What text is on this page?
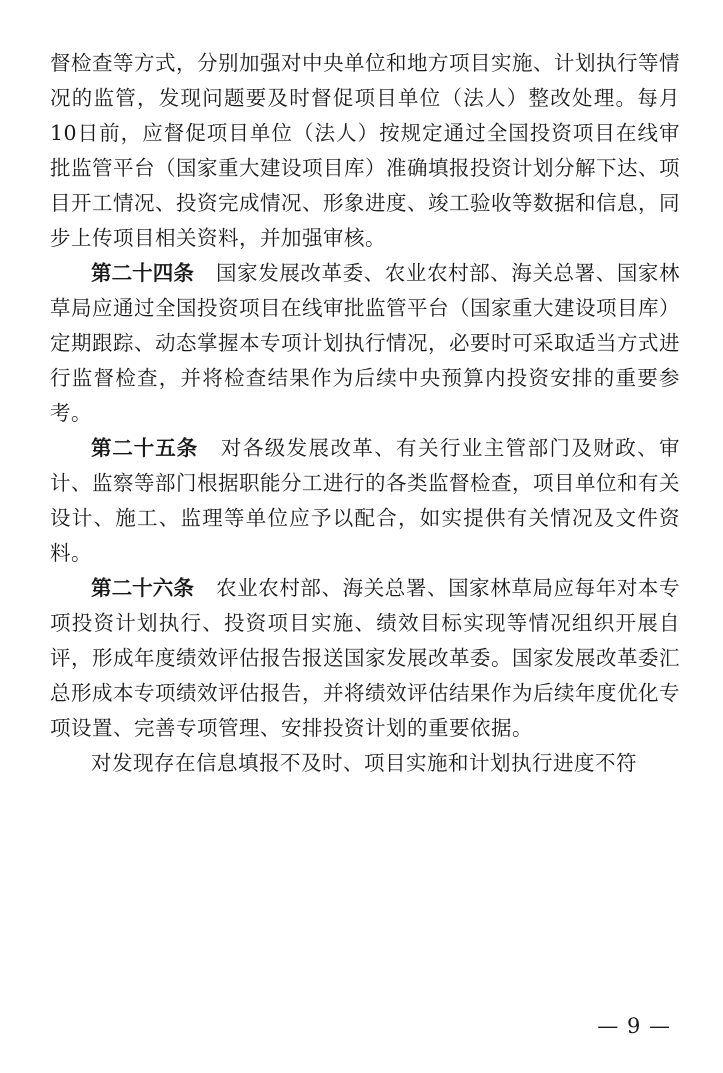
督检查等方式，分别加强对中央单位和地方项目实施、计划执行等情况的监管，发现问题要及时督促项目单位（法人）整改处理。每月10日前，应督促项目单位（法人）按规定通过全国投资项目在线审批监管平台（国家重大建设项目库）准确填报投资计划分解下达、项目开工情况、投资完成情况、形象进度、竣工验收等数据和信息，同步上传项目相关资料，并加强审核。

第二十四条 国家发展改革委、农业农村部、海关总署、国家林草局应通过全国投资项目在线审批监管平台（国家重大建设项目库）定期跟踪、动态掌握本专项计划执行情况，必要时可采取适当方式进行监督检查，并将检查结果作为后续中央预算内投资安排的重要参考。

第二十五条 对各级发展改革、有关行业主管部门及财政、审计、监察等部门根据职能分工进行的各类监督检查，项目单位和有关设计、施工、监理等单位应予以配合，如实提供有关情况及文件资料。

第二十六条 农业农村部、海关总署、国家林草局应每年对本专项投资计划执行、投资项目实施、绩效目标实现等情况组织开展自评，形成年度绩效评估报告报送国家发展改革委。国家发展改革委汇总形成本专项绩效评估报告，并将绩效评估结果作为后续年度优化专项设置、完善专项管理、安排投资计划的重要依据。

对发现存在信息填报不及时、项目实施和计划执行进度不符

— 9 —
